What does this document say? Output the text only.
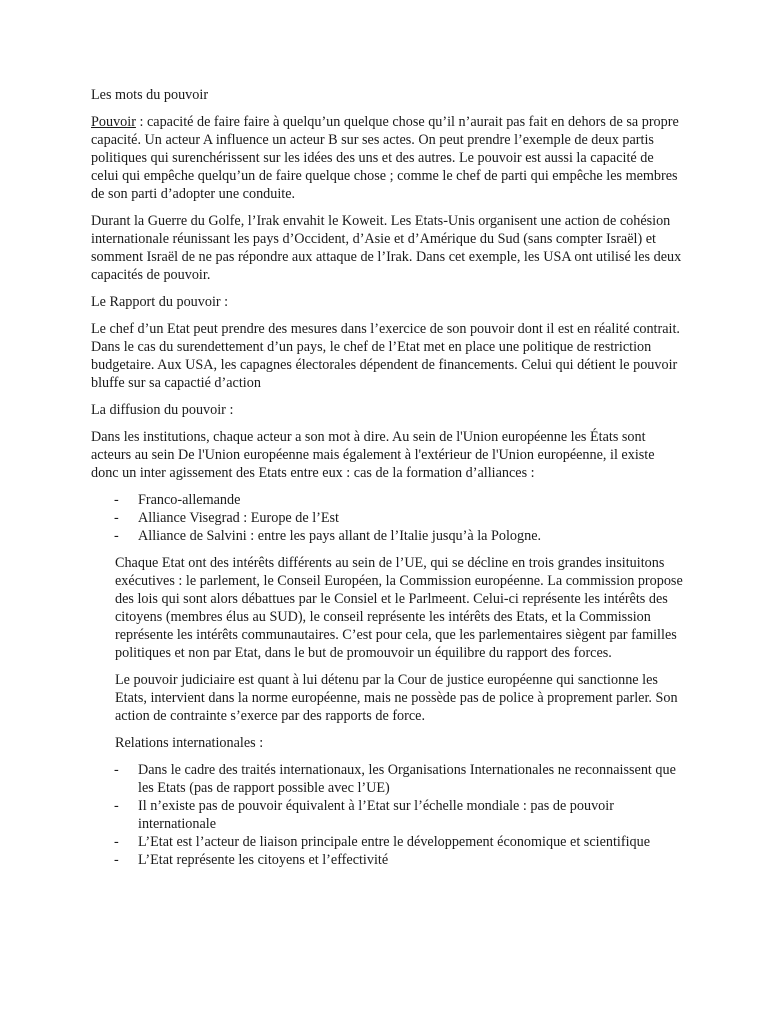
Les mots du pouvoir

Pouvoir : capacité de faire faire à quelqu’un quelque chose qu’il n’aurait pas fait en dehors de sa propre capacité. Un acteur A influence un acteur B sur ses actes. On peut prendre l’exemple de deux partis politiques qui surenchérissent sur les idées des uns et des autres. Le pouvoir est aussi la capacité de celui qui empêche quelqu’un de faire quelque chose ; comme le chef de parti qui empêche les membres de son parti d’adopter une conduite.

Durant la Guerre du Golfe, l’Irak envahit le Koweit. Les Etats-Unis organisent une action de cohésion internationale réunissant les pays d’Occident, d’Asie et d’Amérique du Sud (sans compter Israël) et somment Israël de ne pas répondre aux attaque de l’Irak. Dans cet exemple, les USA ont utilisé les deux capacités de pouvoir.

Le Rapport du pouvoir :

Le chef d’un Etat peut prendre des mesures dans l’exercice de son pouvoir dont il est en réalité contrait. Dans le cas du surendettement d’un pays, le chef de l’Etat met en place une politique de restriction budgetaire. Aux USA, les capagnes électorales dépendent de financements. Celui qui détient le pouvoir bluffe sur sa capactié d’action

La diffusion du pouvoir :

Dans les institutions, chaque acteur a son mot à dire. Au sein de l'Union européenne les États sont acteurs au sein De l'Union européenne mais également à l'extérieur de l'Union européenne, il existe donc un inter agissement des Etats entre eux : cas de la formation d’alliances :

- Franco-allemande
- Alliance Visegrad : Europe de l’Est
- Alliance de Salvini : entre les pays allant de l’Italie jusqu’à la Pologne.

Chaque Etat ont des intérêts différents au sein de l’UE, qui se décline en trois grandes insituitons exécutives : le parlement, le Conseil Européen, la Commission européenne. La commission propose des lois qui sont alors débattues par le Consiel et le Parlmeent. Celui-ci représente les intérêts des citoyens (membres élus au SUD), le conseil représente les intérêts des Etats, et la Commission représente les intérêts communautaires. C’est pour cela, que les parlementaires siègent par familles politiques et non par Etat, dans le but de promouvoir un équilibre du rapport des forces.

Le pouvoir judiciaire est quant à lui détenu par la Cour de justice européenne qui sanctionne les Etats, intervient dans la norme européenne, mais ne possède pas de police à proprement parler. Son action de contrainte s’exerce par des rapports de force.

Relations internationales :

- Dans le cadre des traités internationaux, les Organisations Internationales ne reconnaissent que les Etats (pas de rapport possible avec l’UE)
- Il n’existe pas de pouvoir équivalent à l’Etat sur l’échelle mondiale : pas de pouvoir internationale
- L’Etat est l’acteur de liaison principale entre le développement économique et scientifique
- L’Etat représente les citoyens et l’effectivité
